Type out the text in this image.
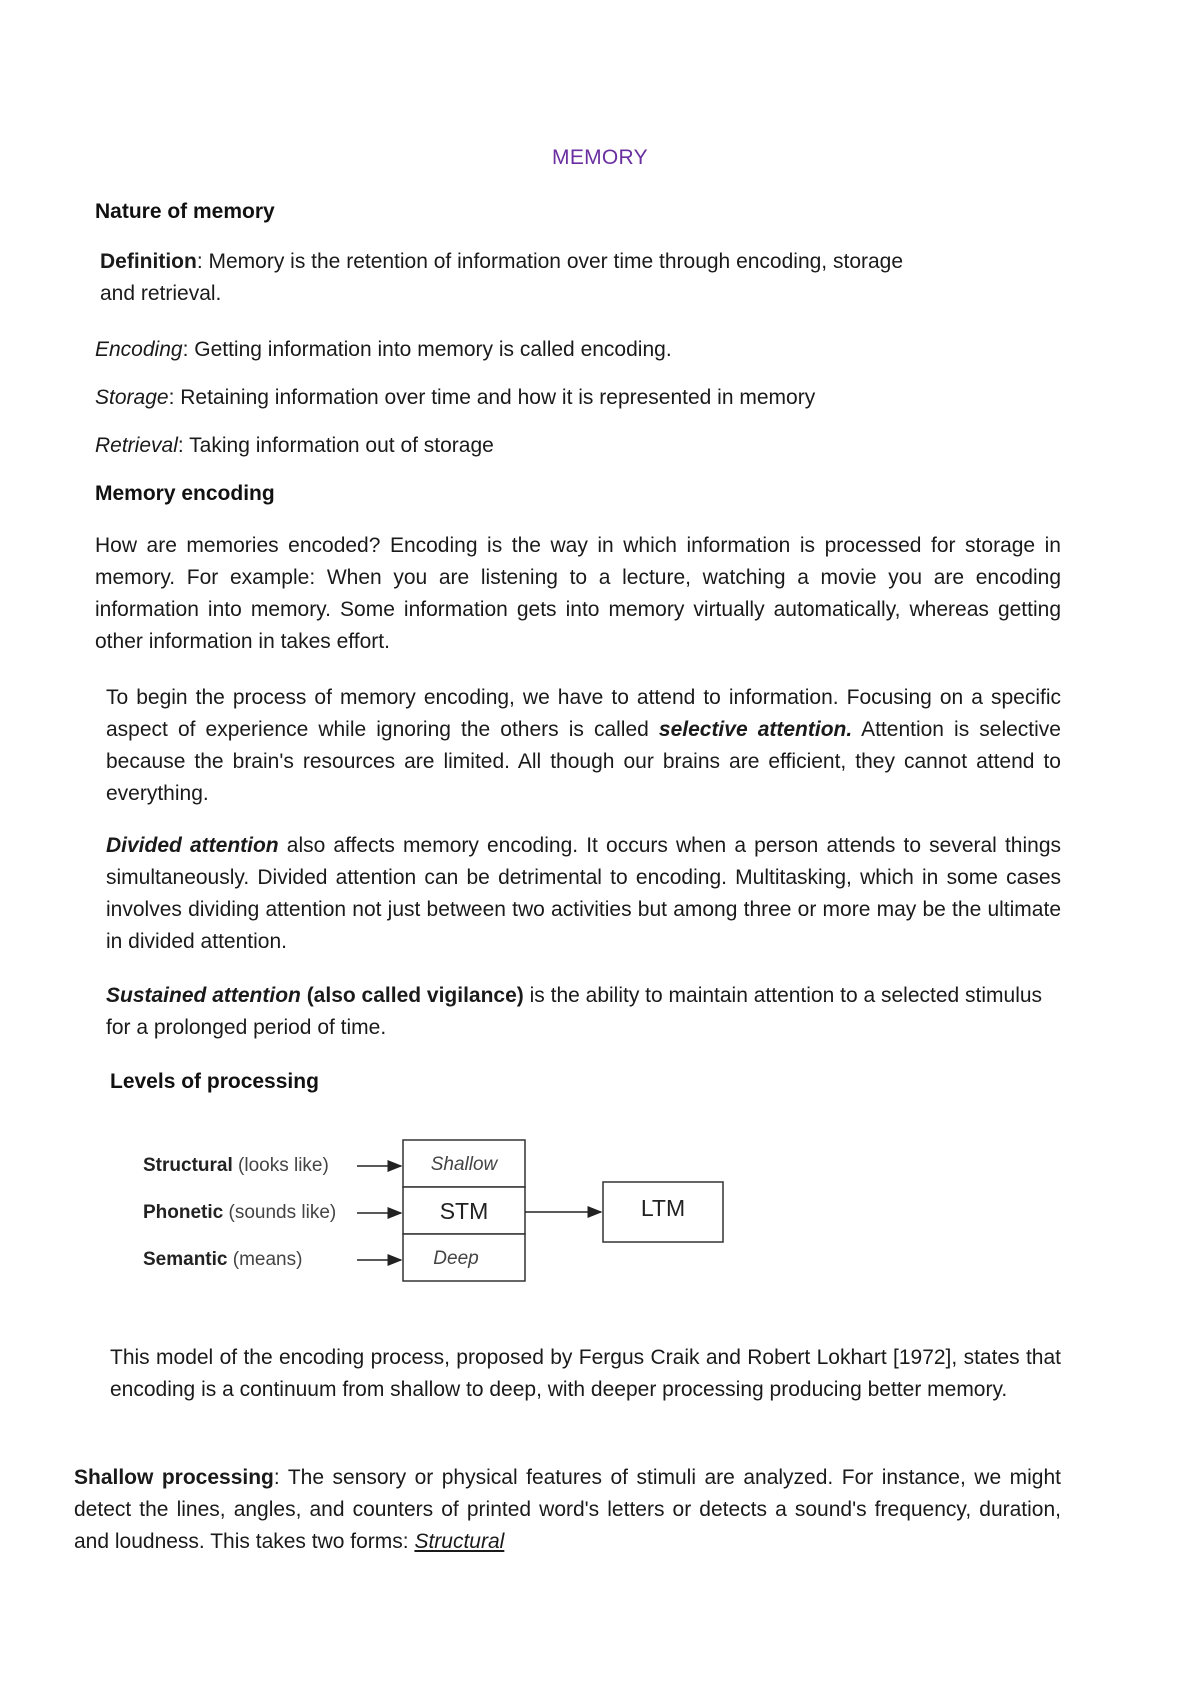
MEMORY
Nature of memory
Definition: Memory is the retention of information over time through encoding, storage
and retrieval.
Encoding: Getting information into memory is called encoding.
Storage: Retaining information over time and how it is represented in memory
Retrieval: Taking information out of storage
Memory encoding
How are memories encoded? Encoding is the way in which information is processed for storage in memory. For example: When you are listening to a lecture, watching a movie you are encoding information into memory. Some information gets into memory virtually automatically, whereas getting other information in takes effort.
To begin the process of memory encoding, we have to attend to information. Focusing on a specific aspect of experience while ignoring the others is called selective attention. Attention is selective because the brain's resources are limited. All though our brains are efficient, they cannot attend to everything.
Divided attention also affects memory encoding. It occurs when a person attends to several things simultaneously. Divided attention can be detrimental to encoding. Multitasking, which in some cases involves dividing attention not just between two activities but among three or more may be the ultimate in divided attention.
Sustained attention (also called vigilance) is the ability to maintain attention to a selected stimulus for a prolonged period of time.
Levels of processing
Structural (looks like)
Phonetic (sounds like)
Semantic (means)
Shallow
STM
Deep
LTM
This model of the encoding process, proposed by Fergus Craik and Robert Lokhart [1972], states that encoding is a continuum from shallow to deep, with deeper processing producing better memory.
Shallow processing: The sensory or physical features of stimuli are analyzed. For instance, we might detect the lines, angles, and counters of printed word's letters or detects a sound's frequency, duration, and loudness. This takes two forms: Structural
